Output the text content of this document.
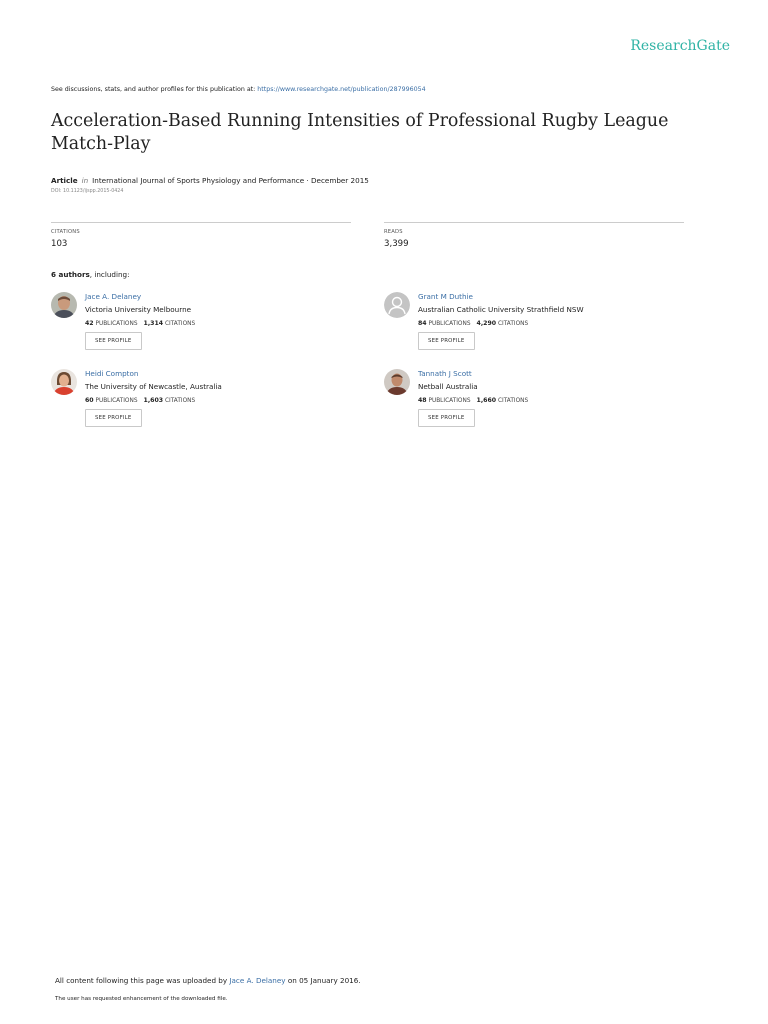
ResearchGate
See discussions, stats, and author profiles for this publication at: https://www.researchgate.net/publication/287996054
Acceleration-Based Running Intensities of Professional Rugby League Match-Play
Article in International Journal of Sports Physiology and Performance · December 2015
DOI: 10.1123/ijspp.2015-0424
CITATIONS
103
READS
3,399
6 authors, including:
Jace A. Delaney
Victoria University Melbourne
42 PUBLICATIONS 1,314 CITATIONS
SEE PROFILE
Grant M Duthie
Australian Catholic University Strathfield NSW
84 PUBLICATIONS 4,290 CITATIONS
SEE PROFILE
Heidi Compton
The University of Newcastle, Australia
60 PUBLICATIONS 1,603 CITATIONS
SEE PROFILE
Tannath J Scott
Netball Australia
48 PUBLICATIONS 1,660 CITATIONS
SEE PROFILE
All content following this page was uploaded by Jace A. Delaney on 05 January 2016.
The user has requested enhancement of the downloaded file.
